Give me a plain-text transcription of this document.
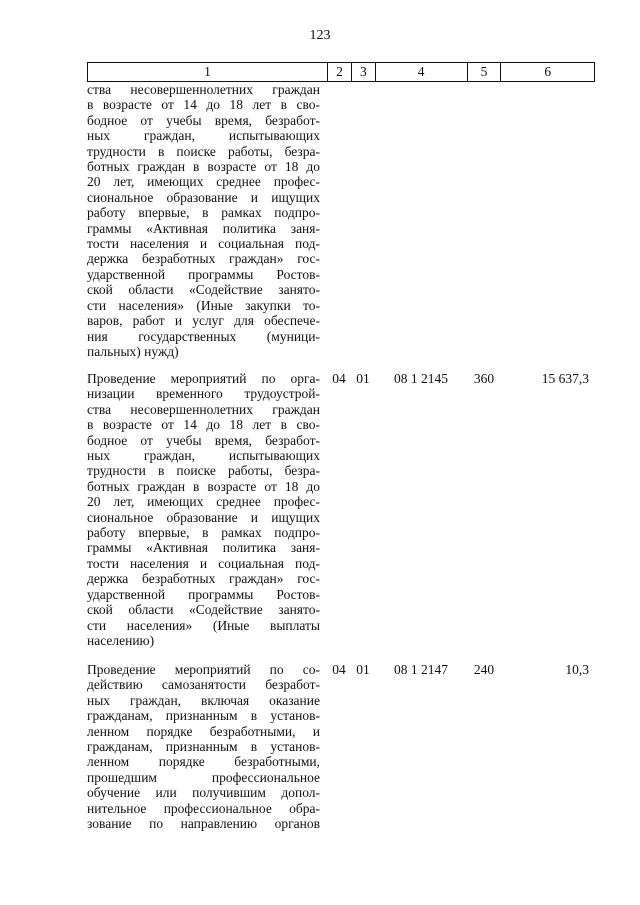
123
1	2	3	4	5	6
ства несовершеннолетних граждан
в возрасте от 14 до 18 лет в сво-
бодное от учебы время, безработ-
ных граждан, испытывающих
трудности в поиске работы, безра-
ботных граждан в возрасте от 18 до
20 лет, имеющих среднее профес-
сиональное образование и ищущих
работу впервые, в рамках подпро-
граммы «Активная политика заня-
тости населения и социальная под-
держка безработных граждан» гос-
ударственной программы Ростов-
ской области «Содействие занято-
сти населения» (Иные закупки то-
варов, работ и услуг для обеспече-
ния государственных (муници-
пальных) нужд)
Проведение мероприятий по орга-
низации временного трудоустрой-
ства несовершеннолетних граждан
в возрасте от 14 до 18 лет в сво-
бодное от учебы время, безработ-
ных граждан, испытывающих
трудности в поиске работы, безра-
ботных граждан в возрасте от 18 до
20 лет, имеющих среднее профес-
сиональное образование и ищущих
работу впервые, в рамках подпро-
граммы «Активная политика заня-
тости населения и социальная под-
держка безработных граждан» гос-
ударственной программы Ростов-
ской области «Содействие занято-
сти населения» (Иные выплаты
населению)
04 01	08 1 2145	360	15 637,3
Проведение мероприятий по со-
действию самозанятости безработ-
ных граждан, включая оказание
гражданам, признанным в установ-
ленном порядке безработными, и
гражданам, признанным в установ-
ленном порядке безработными,
прошедшим профессиональное
обучение или получившим допол-
нительное профессиональное обра-
зование по направлению органов
04 01	08 1 2147	240	10,3
